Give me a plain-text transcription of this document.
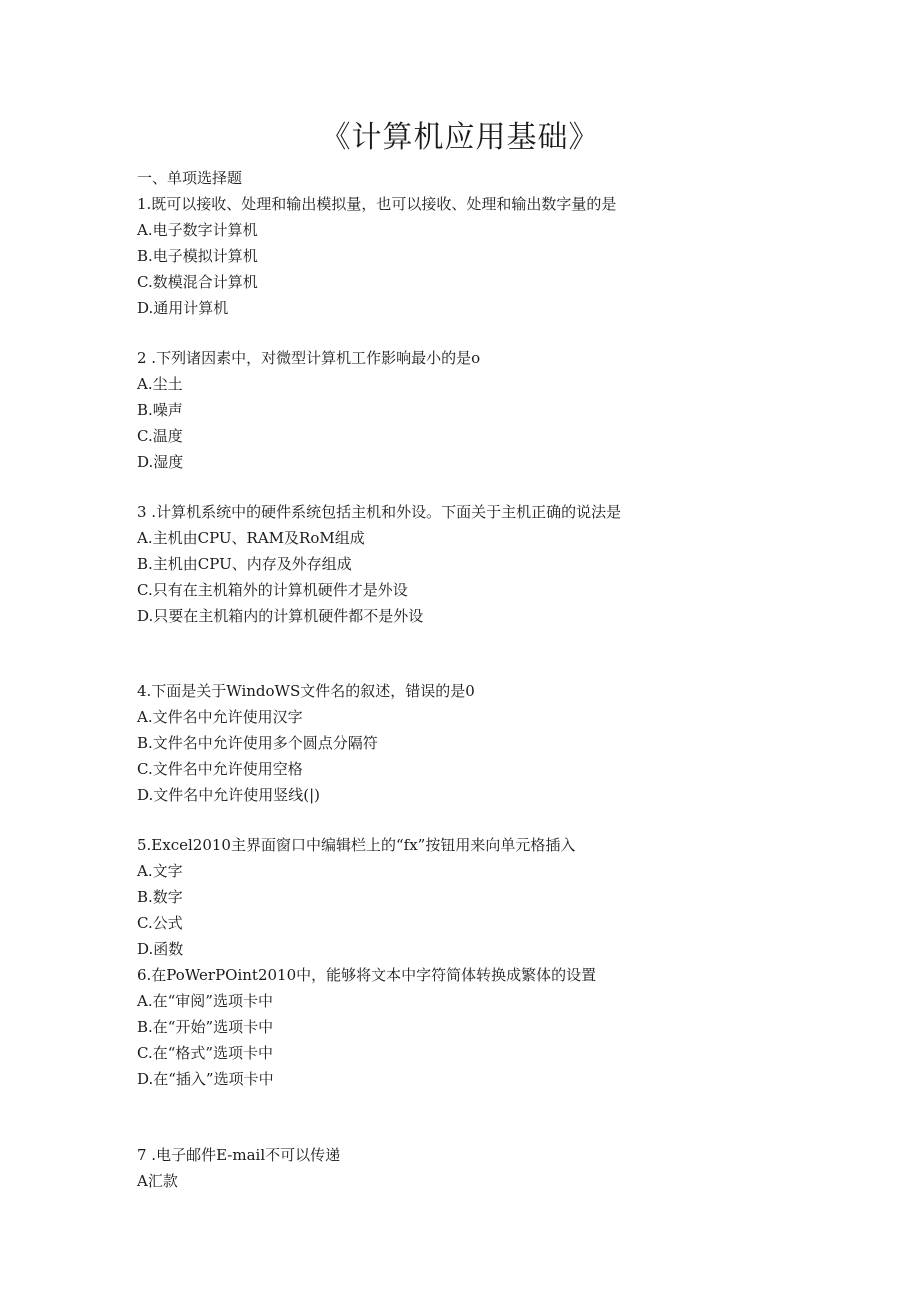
《计算机应用基础》
一、单项选择题
1.既可以接收、处理和输出模拟量，也可以接收、处理和输出数字量的是
A.电子数字计算机
B.电子模拟计算机
C.数模混合计算机
D.通用计算机
2 .下列诸因素中，对微型计算机工作影响最小的是o
A.尘土
B.噪声
C.温度
D.湿度
3 .计算机系统中的硬件系统包括主机和外设。下面关于主机正确的说法是
A.主机由CPU、RAM及RoM组成
B.主机由CPU、内存及外存组成
C.只有在主机箱外的计算机硬件才是外设
D.只要在主机箱内的计算机硬件都不是外设
4.下面是关于WindoWS文件名的叙述，错误的是0
A.文件名中允许使用汉字
B.文件名中允许使用多个圆点分隔符
C.文件名中允许使用空格
D.文件名中允许使用竖线(|)
5.Excel2010主界面窗口中编辑栏上的“fx”按钮用来向单元格插入
A.文字
B.数字
C.公式
D.函数
6.在PoWerPOint2010中，能够将文本中字符简体转换成繁体的设置
A.在“审阅”选项卡中
B.在“开始”选项卡中
C.在“格式”选项卡中
D.在“插入”选项卡中
7 .电子邮件E-mail不可以传递
A汇款
